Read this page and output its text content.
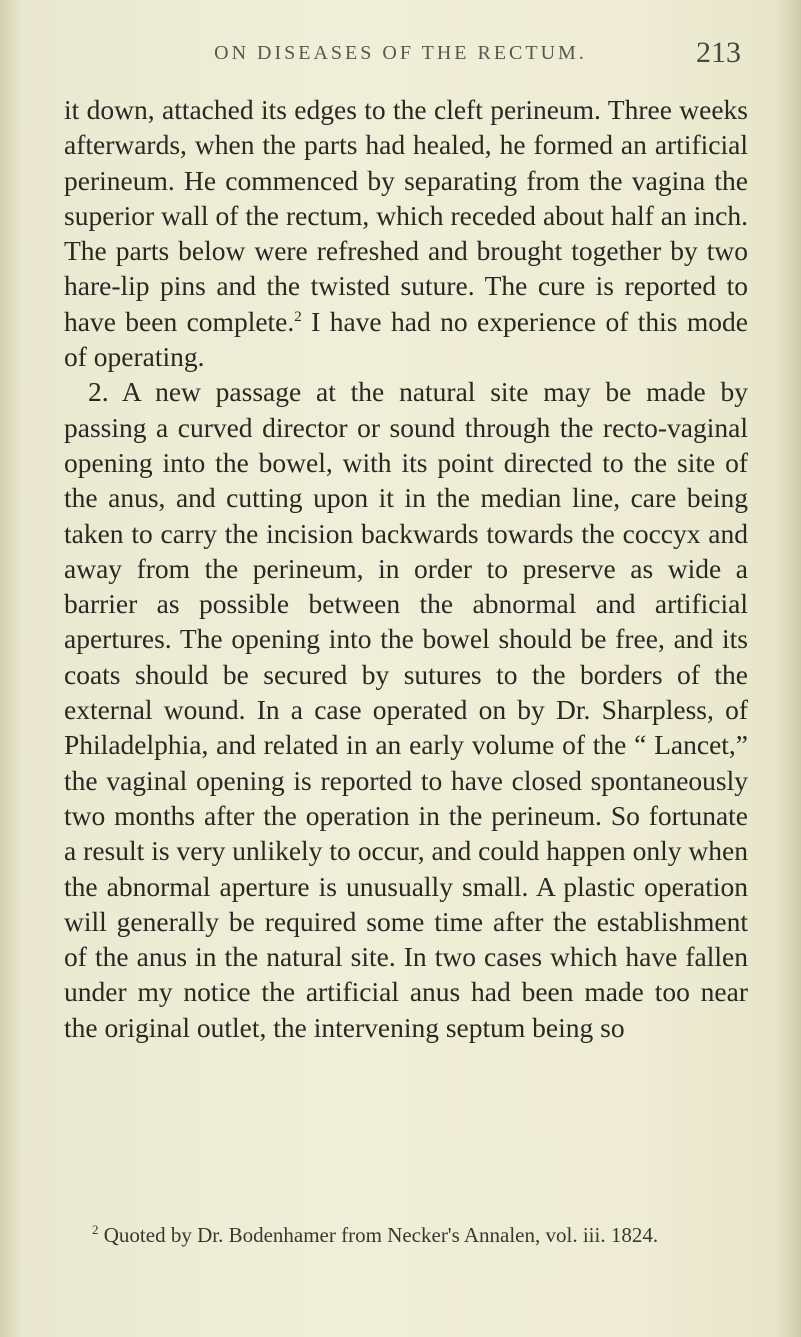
ON DISEASES OF THE RECTUM.	213

it down, attached its edges to the cleft perineum. Three weeks afterwards, when the parts had healed, he formed an artificial perineum. He commenced by separating from the vagina the superior wall of the rectum, which receded about half an inch. The parts below were refreshed and brought together by two hare-lip pins and the twisted suture. The cure is reported to have been complete.$^2$ I have had no experience of this mode of operating.

2. A new passage at the natural site may be made by passing a curved director or sound through the recto-vaginal opening into the bowel, with its point directed to the site of the anus, and cutting upon it in the median line, care being taken to carry the incision backwards towards the coccyx and away from the perineum, in order to preserve as wide a barrier as possible between the abnormal and artificial apertures. The opening into the bowel should be free, and its coats should be secured by sutures to the borders of the external wound. In a case operated on by Dr. Sharpless, of Philadelphia, and related in an early volume of the “ Lancet,” the vaginal opening is reported to have closed spontaneously two months after the operation in the perineum. So fortunate a result is very unlikely to occur, and could happen only when the abnormal aperture is unusually small. A plastic operation will generally be required some time after the establishment of the anus in the natural site. In two cases which have fallen under my notice the artificial anus had been made too near the original outlet, the intervening septum being so

$^2$ Quoted by Dr. Bodenhamer from Necker's Annalen, vol. iii. 1824.
